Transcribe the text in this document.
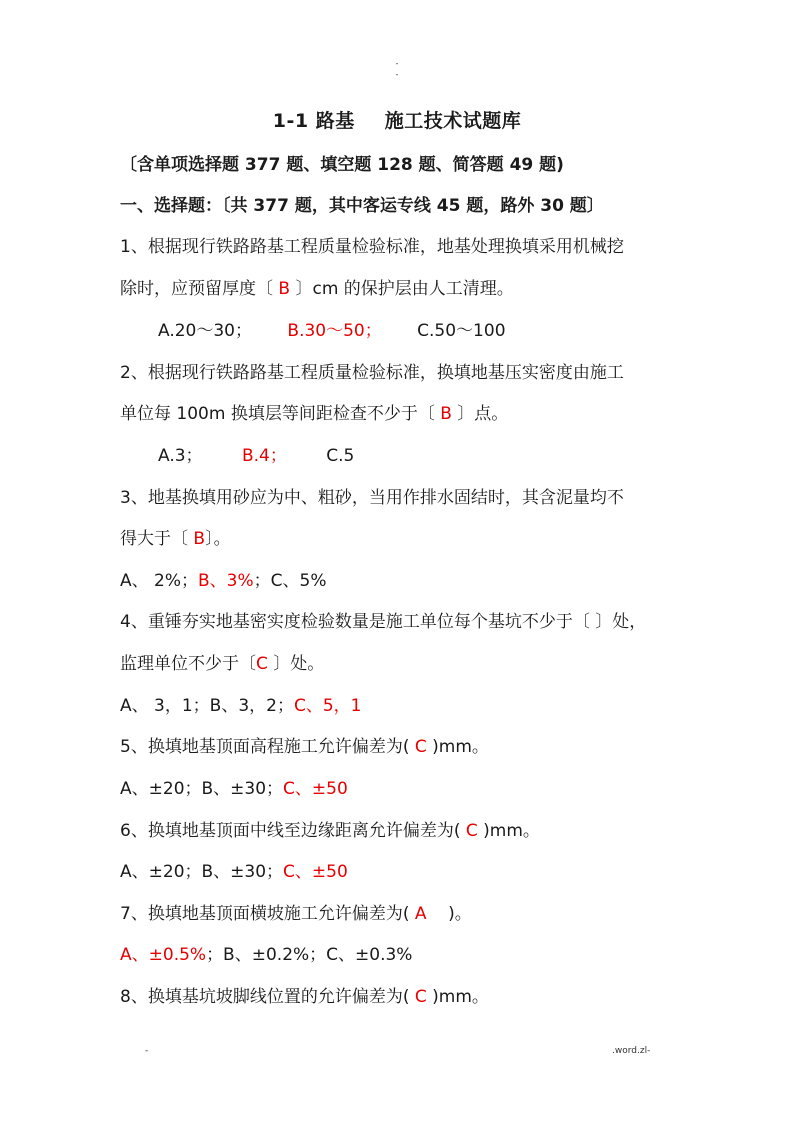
-
-
1-1 路基 施工技术试题库
〔含单项选择题 377 题、填空题 128 题、简答题 49 题)
一、选择题：〔共 377 题，其中客运专线 45 题，路外 30 题〕
1、根据现行铁路路基工程质量检验标准，地基处理换填采用机械挖
除时，应预留厚度〔 B 〕cm 的保护层由人工清理。
A.20～30； B.30～50； C.50～100
2、根据现行铁路路基工程质量检验标准，换填地基压实密度由施工
单位每 100m 换填层等间距检查不少于〔 B 〕点。
A.3； B.4； C.5
3、地基换填用砂应为中、粗砂，当用作排水固结时，其含泥量均不
得大于〔 B〕。
A、 2%；B、3%；C、5%
4、重锤夯实地基密实度检验数量是施工单位每个基坑不少于〔 〕处，
监理单位不少于〔C 〕处。
A、 3，1；B、3，2；C、5，1
5、换填地基顶面高程施工允许偏差为( C )mm。
A、±20；B、±30；C、±50
6、换填地基顶面中线至边缘距离允许偏差为( C )mm。
A、±20；B、±30；C、±50
7、换填地基顶面横坡施工允许偏差为( A    )。
A、±0.5%；B、±0.2%；C、±0.3%
8、换填基坑坡脚线位置的允许偏差为( C )mm。
-	.word.zl-
